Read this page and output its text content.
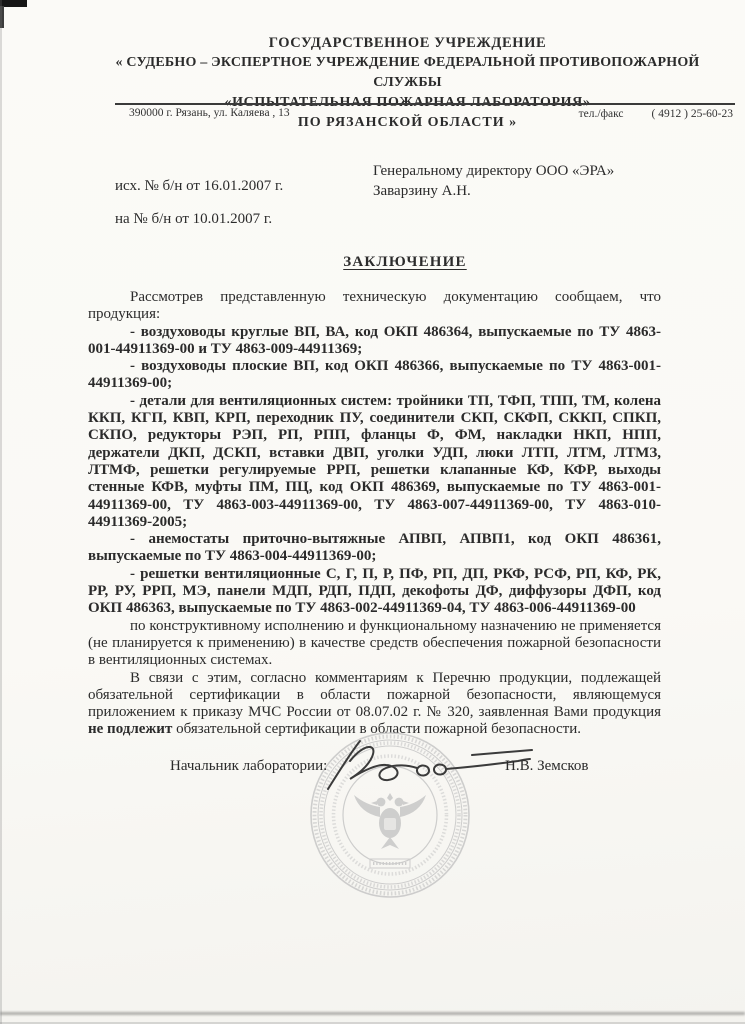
ГОСУДАРСТВЕННОЕ УЧРЕЖДЕНИЕ
« СУДЕБНО – ЭКСПЕРТНОЕ УЧРЕЖДЕНИЕ ФЕДЕРАЛЬНОЙ ПРОТИВОПОЖАРНОЙ СЛУЖБЫ
ПО РЯЗАНСКОЙ ОБЛАСТИ »
390000 г. Рязань, ул. Каляева , 13	тел./факс ( 4912 ) 25-60-23
исх. № б/н от 16.01.2007 г.
на № б/н от 10.01.2007 г.
Генеральному директору ООО «ЭРА»
Заварзину А.Н.
ЗАКЛЮЧЕНИЕ

Рассмотрев представленную техническую документацию сообщаем, что продукция:

- воздуховоды круглые ВП, ВА, код ОКП 486364, выпускаемые по ТУ 4863-001-44911369-00 и ТУ 4863-009-44911369;

- воздуховоды плоские ВП, код ОКП 486366, выпускаемые по ТУ 4863-001-44911369-00;

- детали для вентиляционных систем: тройники ТП, ТФП, ТПП, ТМ, колена ККП, КГП, КВП, КРП, переходник ПУ, соединители СКП, СКФП, СККП, СПКП, СКПО, редукторы РЭП, РП, РПП, фланцы Ф, ФМ, накладки НКП, НПП, держатели ДКП, ДСКП, вставки ДВП, уголки УДП, люки ЛТП, ЛТМ, ЛТМЗ, ЛТМФ, решетки регулируемые РРП, решетки клапанные КФ, КФР, выходы стенные КФВ, муфты ПМ, ПЦ, код ОКП 486369, выпускаемые по ТУ 4863-001-44911369-00, ТУ 4863-003-44911369-00, ТУ 4863-007-44911369-00, ТУ 4863-010-44911369-2005;

- анемостаты приточно-вытяжные АПВП, АПВП1, код ОКП 486361, выпускаемые по ТУ 4863-004-44911369-00;

- решетки вентиляционные С, Г, П, Р, ПФ, РП, ДП, РКФ, РСФ, РП, КФ, РК, РР, РУ, РРП, МЭ, панели МДП, РДП, ПДП, декофоты ДФ, диффузоры ДФП, код ОКП 486363, выпускаемые по ТУ 4863-002-44911369-04, ТУ 4863-006-44911369-00

по конструктивному исполнению и функциональному назначению не применяется (не планируется к применению) в качестве средств обеспечения пожарной безопасности в вентиляционных системах.

В связи с этим, согласно комментариям к Перечню продукции, подлежащей обязательной сертификации в области пожарной безопасности, являющемуся приложением к приказу МЧС России от 08.07.02 г. № 320, заявленная Вами продукция не подлежит обязательной сертификации в области пожарной безопасности.

Начальник лаборатории:	Н.В. Земсков
